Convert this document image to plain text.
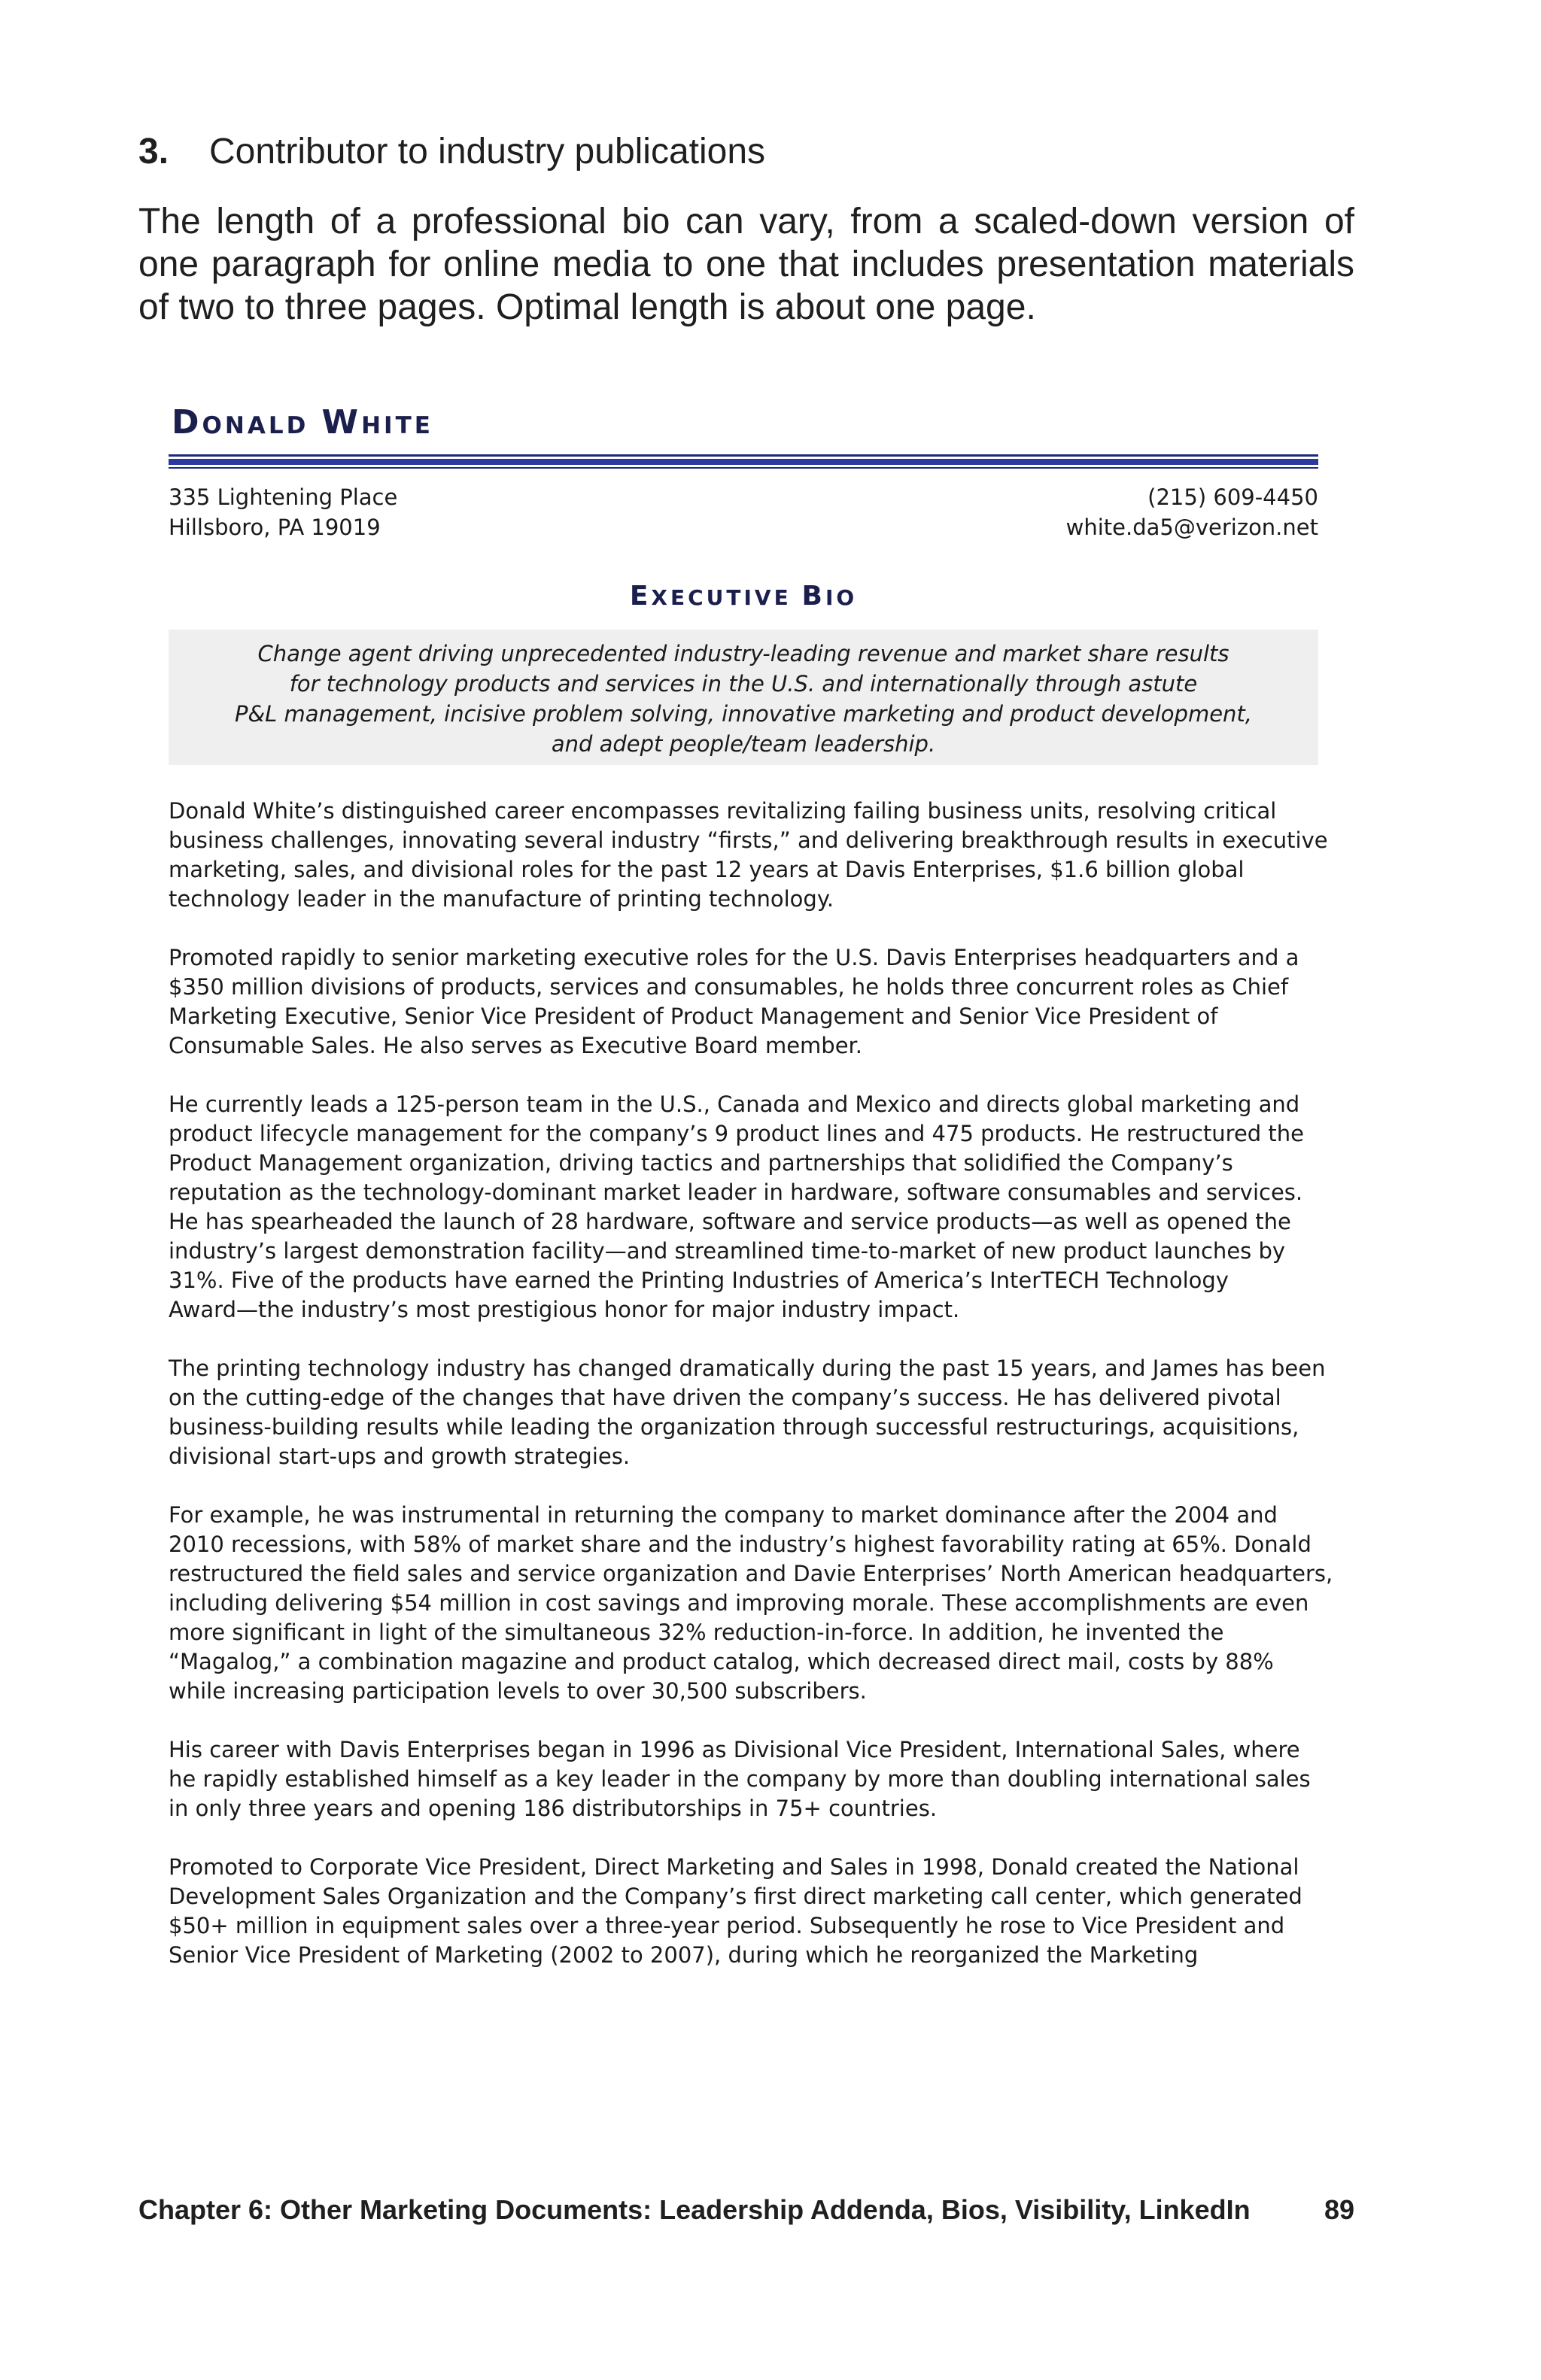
3. Contributor to industry publications

The length of a professional bio can vary, from a scaled-down version of one paragraph for online media to one that includes presentation materials of two to three pages. Optimal length is about one page.

DONALD WHITE
335 Lightening Place
Hillsboro, PA 19019
(215) 609-4450
white.da5@verizon.net
EXECUTIVE BIO
Change agent driving unprecedented industry-leading revenue and market share results
for technology products and services in the U.S. and internationally through astute
P&L management, incisive problem solving, innovative marketing and product development,
and adept people/team leadership.
Donald White’s distinguished career encompasses revitalizing failing business units, resolving critical
business challenges, innovating several industry “firsts,” and delivering breakthrough results in executive
marketing, sales, and divisional roles for the past 12 years at Davis Enterprises, $1.6 billion global
technology leader in the manufacture of printing technology.
Promoted rapidly to senior marketing executive roles for the U.S. Davis Enterprises headquarters and a
$350 million divisions of products, services and consumables, he holds three concurrent roles as Chief
Marketing Executive, Senior Vice President of Product Management and Senior Vice President of
Consumable Sales. He also serves as Executive Board member.
He currently leads a 125-person team in the U.S., Canada and Mexico and directs global marketing and
product lifecycle management for the company’s 9 product lines and 475 products. He restructured the
Product Management organization, driving tactics and partnerships that solidified the Company’s
reputation as the technology-dominant market leader in hardware, software consumables and services.
He has spearheaded the launch of 28 hardware, software and service products—as well as opened the
industry’s largest demonstration facility—and streamlined time-to-market of new product launches by
31%. Five of the products have earned the Printing Industries of America’s InterTECH Technology
Award—the industry’s most prestigious honor for major industry impact.
The printing technology industry has changed dramatically during the past 15 years, and James has been
on the cutting-edge of the changes that have driven the company’s success. He has delivered pivotal
business-building results while leading the organization through successful restructurings, acquisitions,
divisional start-ups and growth strategies.
For example, he was instrumental in returning the company to market dominance after the 2004 and
2010 recessions, with 58% of market share and the industry’s highest favorability rating at 65%. Donald
restructured the field sales and service organization and Davie Enterprises’ North American headquarters,
including delivering $54 million in cost savings and improving morale. These accomplishments are even
more significant in light of the simultaneous 32% reduction-in-force. In addition, he invented the
“Magalog,” a combination magazine and product catalog, which decreased direct mail, costs by 88%
while increasing participation levels to over 30,500 subscribers.
His career with Davis Enterprises began in 1996 as Divisional Vice President, International Sales, where
he rapidly established himself as a key leader in the company by more than doubling international sales
in only three years and opening 186 distributorships in 75+ countries.
Promoted to Corporate Vice President, Direct Marketing and Sales in 1998, Donald created the National
Development Sales Organization and the Company’s first direct marketing call center, which generated
$50+ million in equipment sales over a three-year period. Subsequently he rose to Vice President and
Senior Vice President of Marketing (2002 to 2007), during which he reorganized the Marketing
Chapter 6: Other Marketing Documents: Leadership Addenda, Bios, Visibility, LinkedIn	89
